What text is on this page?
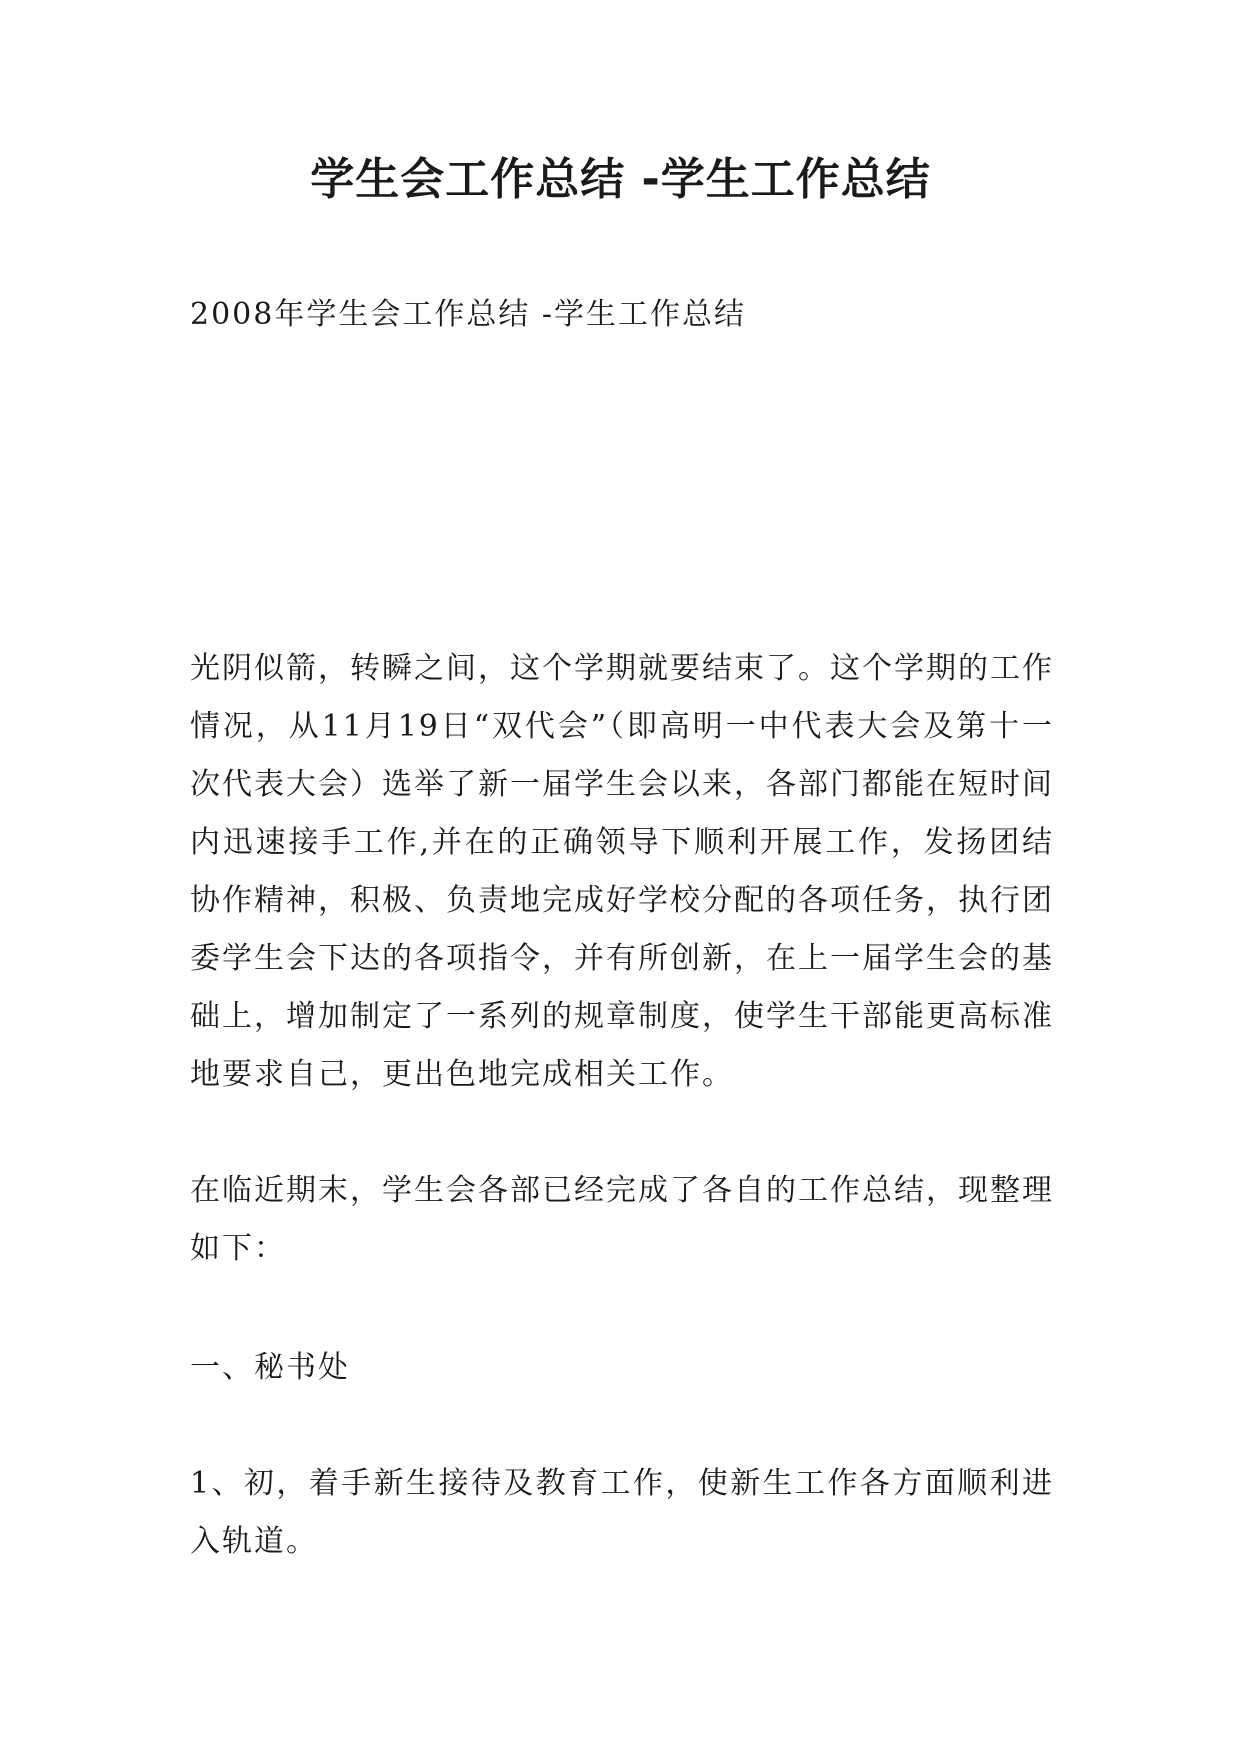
学生会工作总结 -学生工作总结

2008年学生会工作总结 -学生工作总结

光阴似箭，转瞬之间，这个学期就要结束了。这个学期的工作情况，从11月19日“双代会”（即高明一中代表大会及第十一次代表大会）选举了新一届学生会以来，各部门都能在短时间内迅速接手工作,并在的正确领导下顺利开展工作，发扬团结协作精神，积极、负责地完成好学校分配的各项任务，执行团委学生会下达的各项指令，并有所创新，在上一届学生会的基础上，增加制定了一系列的规章制度，使学生干部能更高标准地要求自己，更出色地完成相关工作。

在临近期末，学生会各部已经完成了各自的工作总结，现整理如下：

一、秘书处

1、初，着手新生接待及教育工作，使新生工作各方面顺利进入轨道。
